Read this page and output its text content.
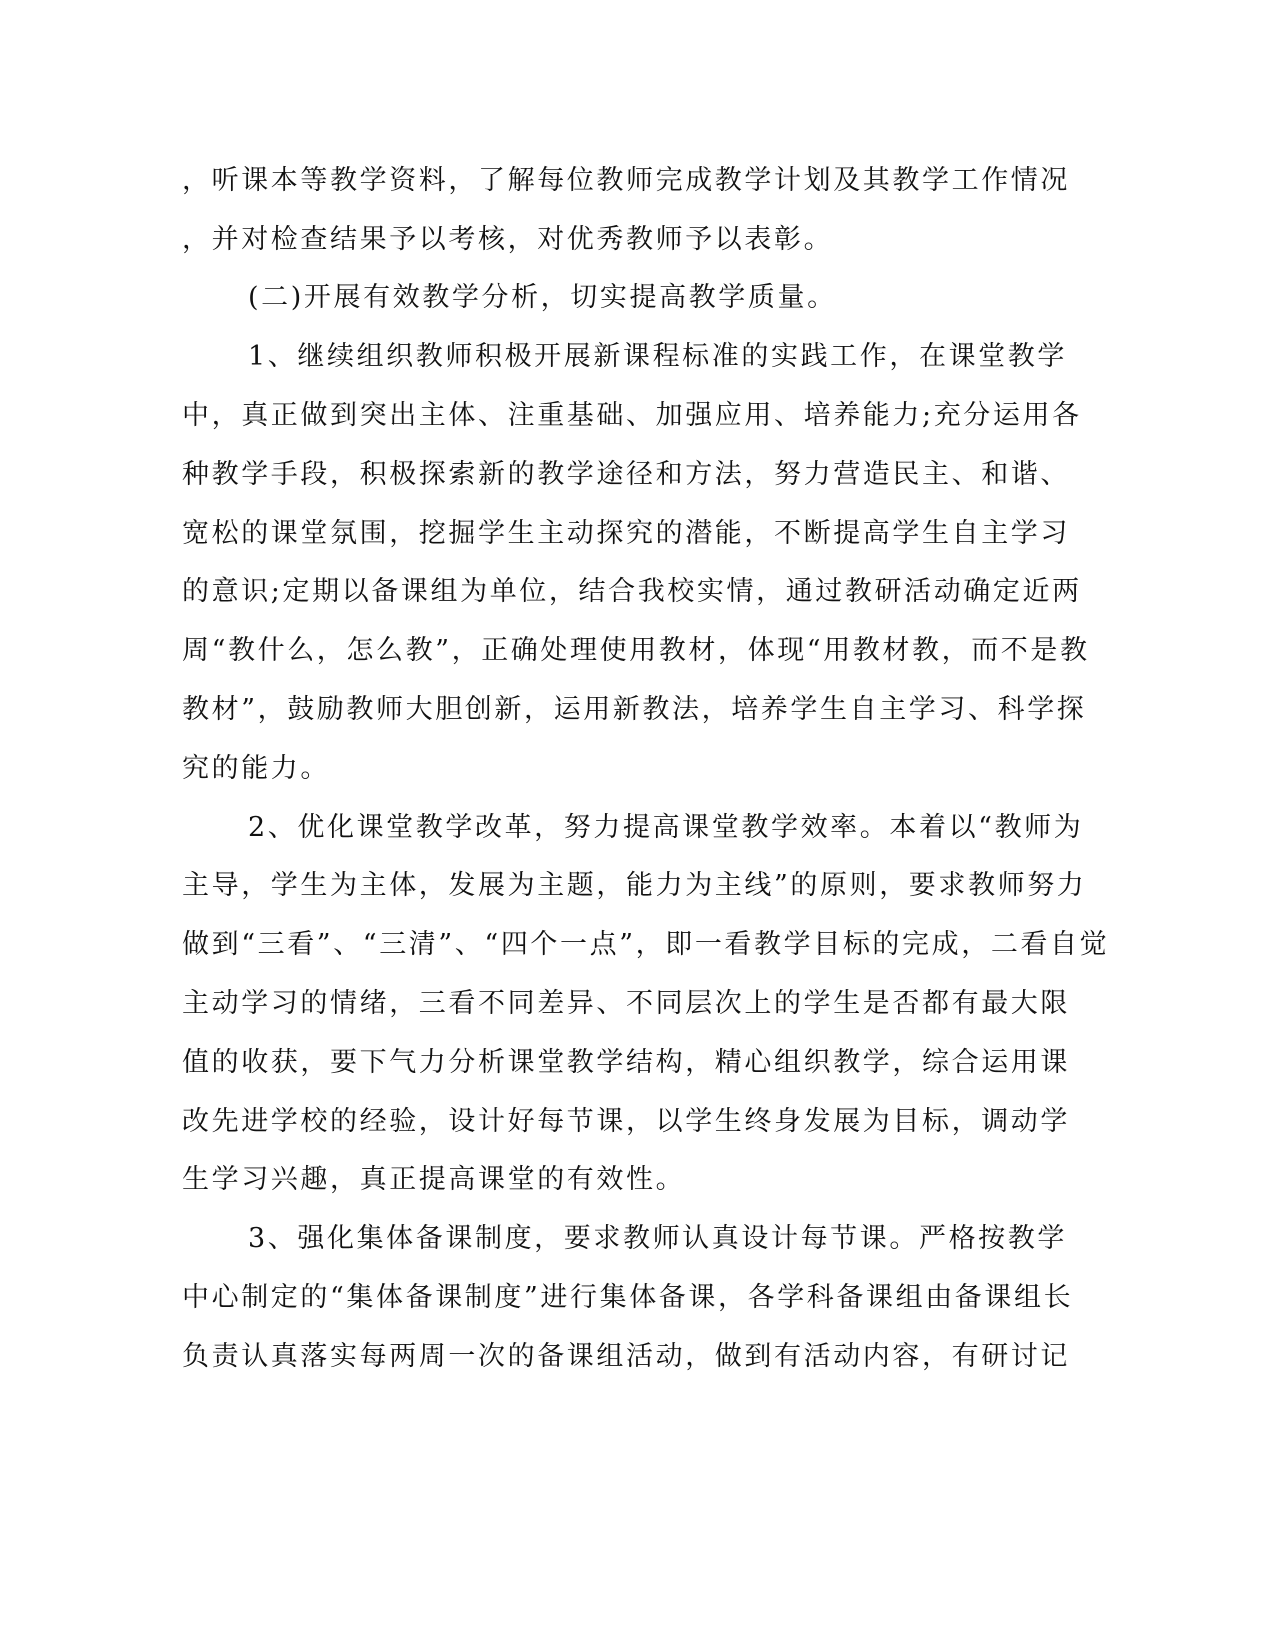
，听课本等教学资料，了解每位教师完成教学计划及其教学工作情况
，并对检查结果予以考核，对优秀教师予以表彰。
(二)开展有效教学分析，切实提高教学质量。
1、继续组织教师积极开展新课程标准的实践工作，在课堂教学
中，真正做到突出主体、注重基础、加强应用、培养能力;充分运用各
种教学手段，积极探索新的教学途径和方法，努力营造民主、和谐、
宽松的课堂氛围，挖掘学生主动探究的潜能，不断提高学生自主学习
的意识;定期以备课组为单位，结合我校实情，通过教研活动确定近两
周“教什么，怎么教”，正确处理使用教材，体现“用教材教，而不是教
教材”，鼓励教师大胆创新，运用新教法，培养学生自主学习、科学探
究的能力。
2、优化课堂教学改革，努力提高课堂教学效率。本着以“教师为
主导，学生为主体，发展为主题，能力为主线”的原则，要求教师努力
做到“三看”、“三清”、“四个一点”，即一看教学目标的完成，二看自觉
主动学习的情绪，三看不同差异、不同层次上的学生是否都有最大限
值的收获，要下气力分析课堂教学结构，精心组织教学，综合运用课
改先进学校的经验，设计好每节课，以学生终身发展为目标，调动学
生学习兴趣，真正提高课堂的有效性。
3、强化集体备课制度，要求教师认真设计每节课。严格按教学
中心制定的“集体备课制度”进行集体备课，各学科备课组由备课组长
负责认真落实每两周一次的备课组活动，做到有活动内容，有研讨记
